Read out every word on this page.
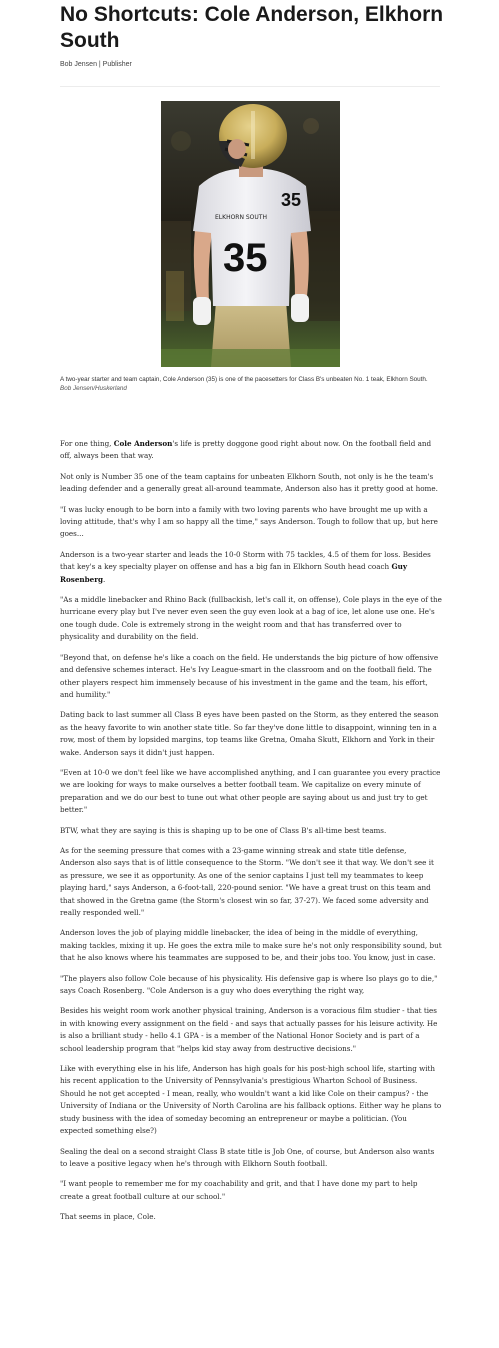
No Shortcuts: Cole Anderson, Elkhorn South
Bob Jensen | Publisher
ELKHORN SOUTH
35
35
A two-year starter and team captain, Cole Anderson (35) is one of the pacesetters for Class B's unbeaten No. 1 teak, Elkhorn South.
Bob Jensen/Huskerland

For one thing, Cole Anderson's life is pretty doggone good right about now. On the football field and off, always been that way.

Not only is Number 35 one of the team captains for unbeaten Elkhorn South, not only is he the team's leading defender and a generally great all-around teammate, Anderson also has it pretty good at home.

"I was lucky enough to be born into a family with two loving parents who have brought me up with a loving attitude, that's why I am so happy all the time," says Anderson. Tough to follow that up, but here goes...

Anderson is a two-year starter and leads the 10-0 Storm with 75 tackles, 4.5 of them for loss. Besides that key's a key specialty player on offense and has a big fan in Elkhorn South head coach Guy Rosenberg.

"As a middle linebacker and Rhino Back (fullbackish, let's call it, on offense), Cole plays in the eye of the hurricane every play but I've never even seen the guy even look at a bag of ice, let alone use one. He's one tough dude. Cole is extremely strong in the weight room and that has transferred over to physicality and durability on the field.

"Beyond that, on defense he's like a coach on the field. He understands the big picture of how offensive and defensive schemes interact. He's Ivy League-smart in the classroom and on the football field. The other players respect him immensely because of his investment in the game and the team, his effort, and humility."

Dating back to last summer all Class B eyes have been pasted on the Storm, as they entered the season as the heavy favorite to win another state title. So far they've done little to disappoint, winning ten in a row, most of them by lopsided margins, top teams like Gretna, Omaha Skutt, Elkhorn and York in their wake. Anderson says it didn't just happen.

"Even at 10-0 we don't feel like we have accomplished anything, and I can guarantee you every practice we are looking for ways to make ourselves a better football team. We capitalize on every minute of preparation and we do our best to tune out what other people are saying about us and just try to get better."

BTW, what they are saying is this is shaping up to be one of Class B's all-time best teams.

As for the seeming pressure that comes with a 23-game winning streak and state title defense, Anderson also says that is of little consequence to the Storm. "We don't see it that way. We don't see it as pressure, we see it as opportunity. As one of the senior captains I just tell my teammates to keep playing hard," says Anderson, a 6-foot-tall, 220-pound senior. "We have a great trust on this team and that showed in the Gretna game (the Storm's closest win so far, 37-27). We faced some adversity and really responded well."

Anderson loves the job of playing middle linebacker, the idea of being in the middle of everything, making tackles, mixing it up. He goes the extra mile to make sure he's not only responsibility sound, but that he also knows where his teammates are supposed to be, and their jobs too. You know, just in case.

"The players also follow Cole because of his physicality. His defensive gap is where Iso plays go to die," says Coach Rosenberg. "Cole Anderson is a guy who does everything the right way,

Besides his weight room work another physical training, Anderson is a voracious film studier - that ties in with knowing every assignment on the field - and says that actually passes for his leisure activity. He is also a brilliant study - hello 4.1 GPA - is a member of the National Honor Society and is part of a school leadership program that "helps kid stay away from destructive decisions."

Like with everything else in his life, Anderson has high goals for his post-high school life, starting with his recent application to the University of Pennsylvania's prestigious Wharton School of Business. Should he not get accepted - I mean, really, who wouldn't want a kid like Cole on their campus? - the University of Indiana or the University of North Carolina are his fallback options. Either way he plans to study business with the idea of someday becoming an entrepreneur or maybe a politician. (You expected something else?)

Sealing the deal on a second straight Class B state title is Job One, of course, but Anderson also wants to leave a positive legacy when he's through with Elkhorn South football.

"I want people to remember me for my coachability and grit, and that I have done my part to help create a great football culture at our school."

That seems in place, Cole.
